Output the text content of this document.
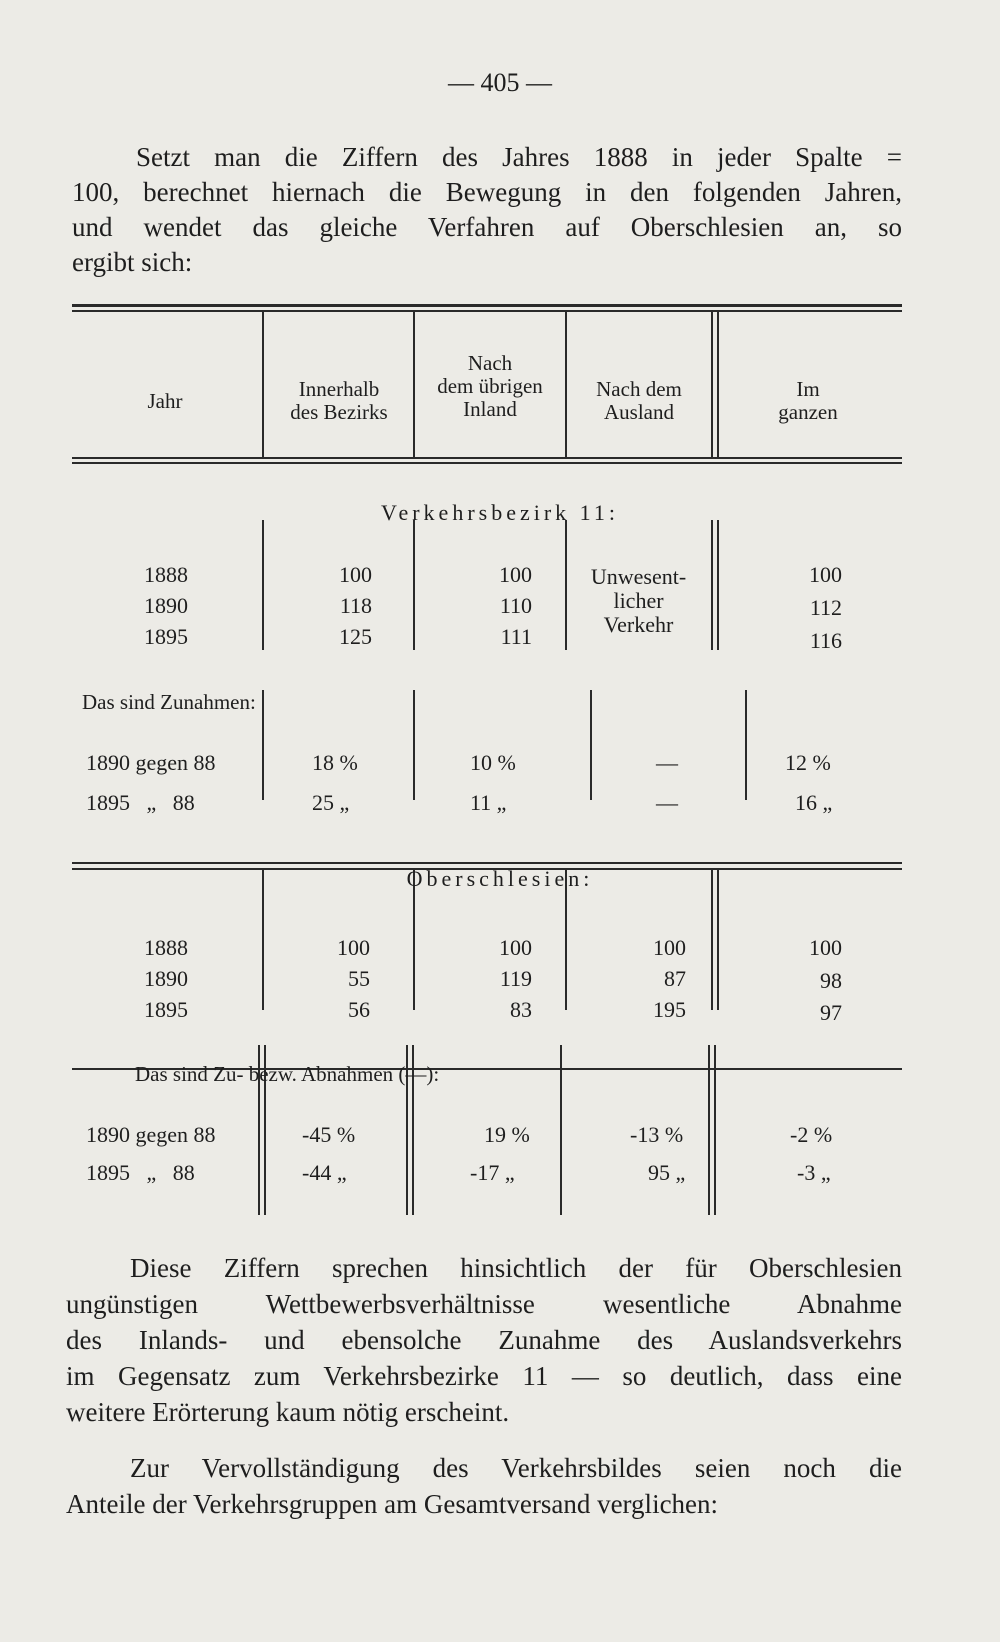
— 405 —
Setzt man die Ziffern des Jahres 1888 in jeder Spalte =
100, berechnet hiernach die Bewegung in den folgenden Jahren,
und wendet das gleiche Verfahren auf Oberschlesien an, so
ergibt sich:
Jahr	Innerhalb
des Bezirks
Nach
dem übrigen
Inland
Nach dem
Ausland
Im
ganzen
Verkehrsbezirk 11:
1888
1890
1895
100
118
125
100
110
111
Unwesent-
licher
Verkehr
100
112
116
Das sind Zunahmen:
1890 gegen 88
1895   „   88
18 %
25 „
10 %
11 „
—
—
12 %
16 „
Oberschlesien:
1888
1890
1895
100
55
56
100
119
83
100
87
195
100
98
97
Das sind Zu- bezw. Abnahmen (—):
1890 gegen 88
1895   „   88
-45 %
-44 „
19 %
-17 „
-13 %
95 „
-2 %
-3 „
Diese Ziffern sprechen hinsichtlich der für Oberschlesien
ungünstigen Wettbewerbsverhältnisse wesentliche Abnahme
des Inlands- und ebensolche Zunahme des Auslandsverkehrs
im Gegensatz zum Verkehrsbezirke 11 — so deutlich, dass eine
weitere Erörterung kaum nötig erscheint.
Zur Vervollständigung des Verkehrsbildes seien noch die
Anteile der Verkehrsgruppen am Gesamtversand verglichen:
